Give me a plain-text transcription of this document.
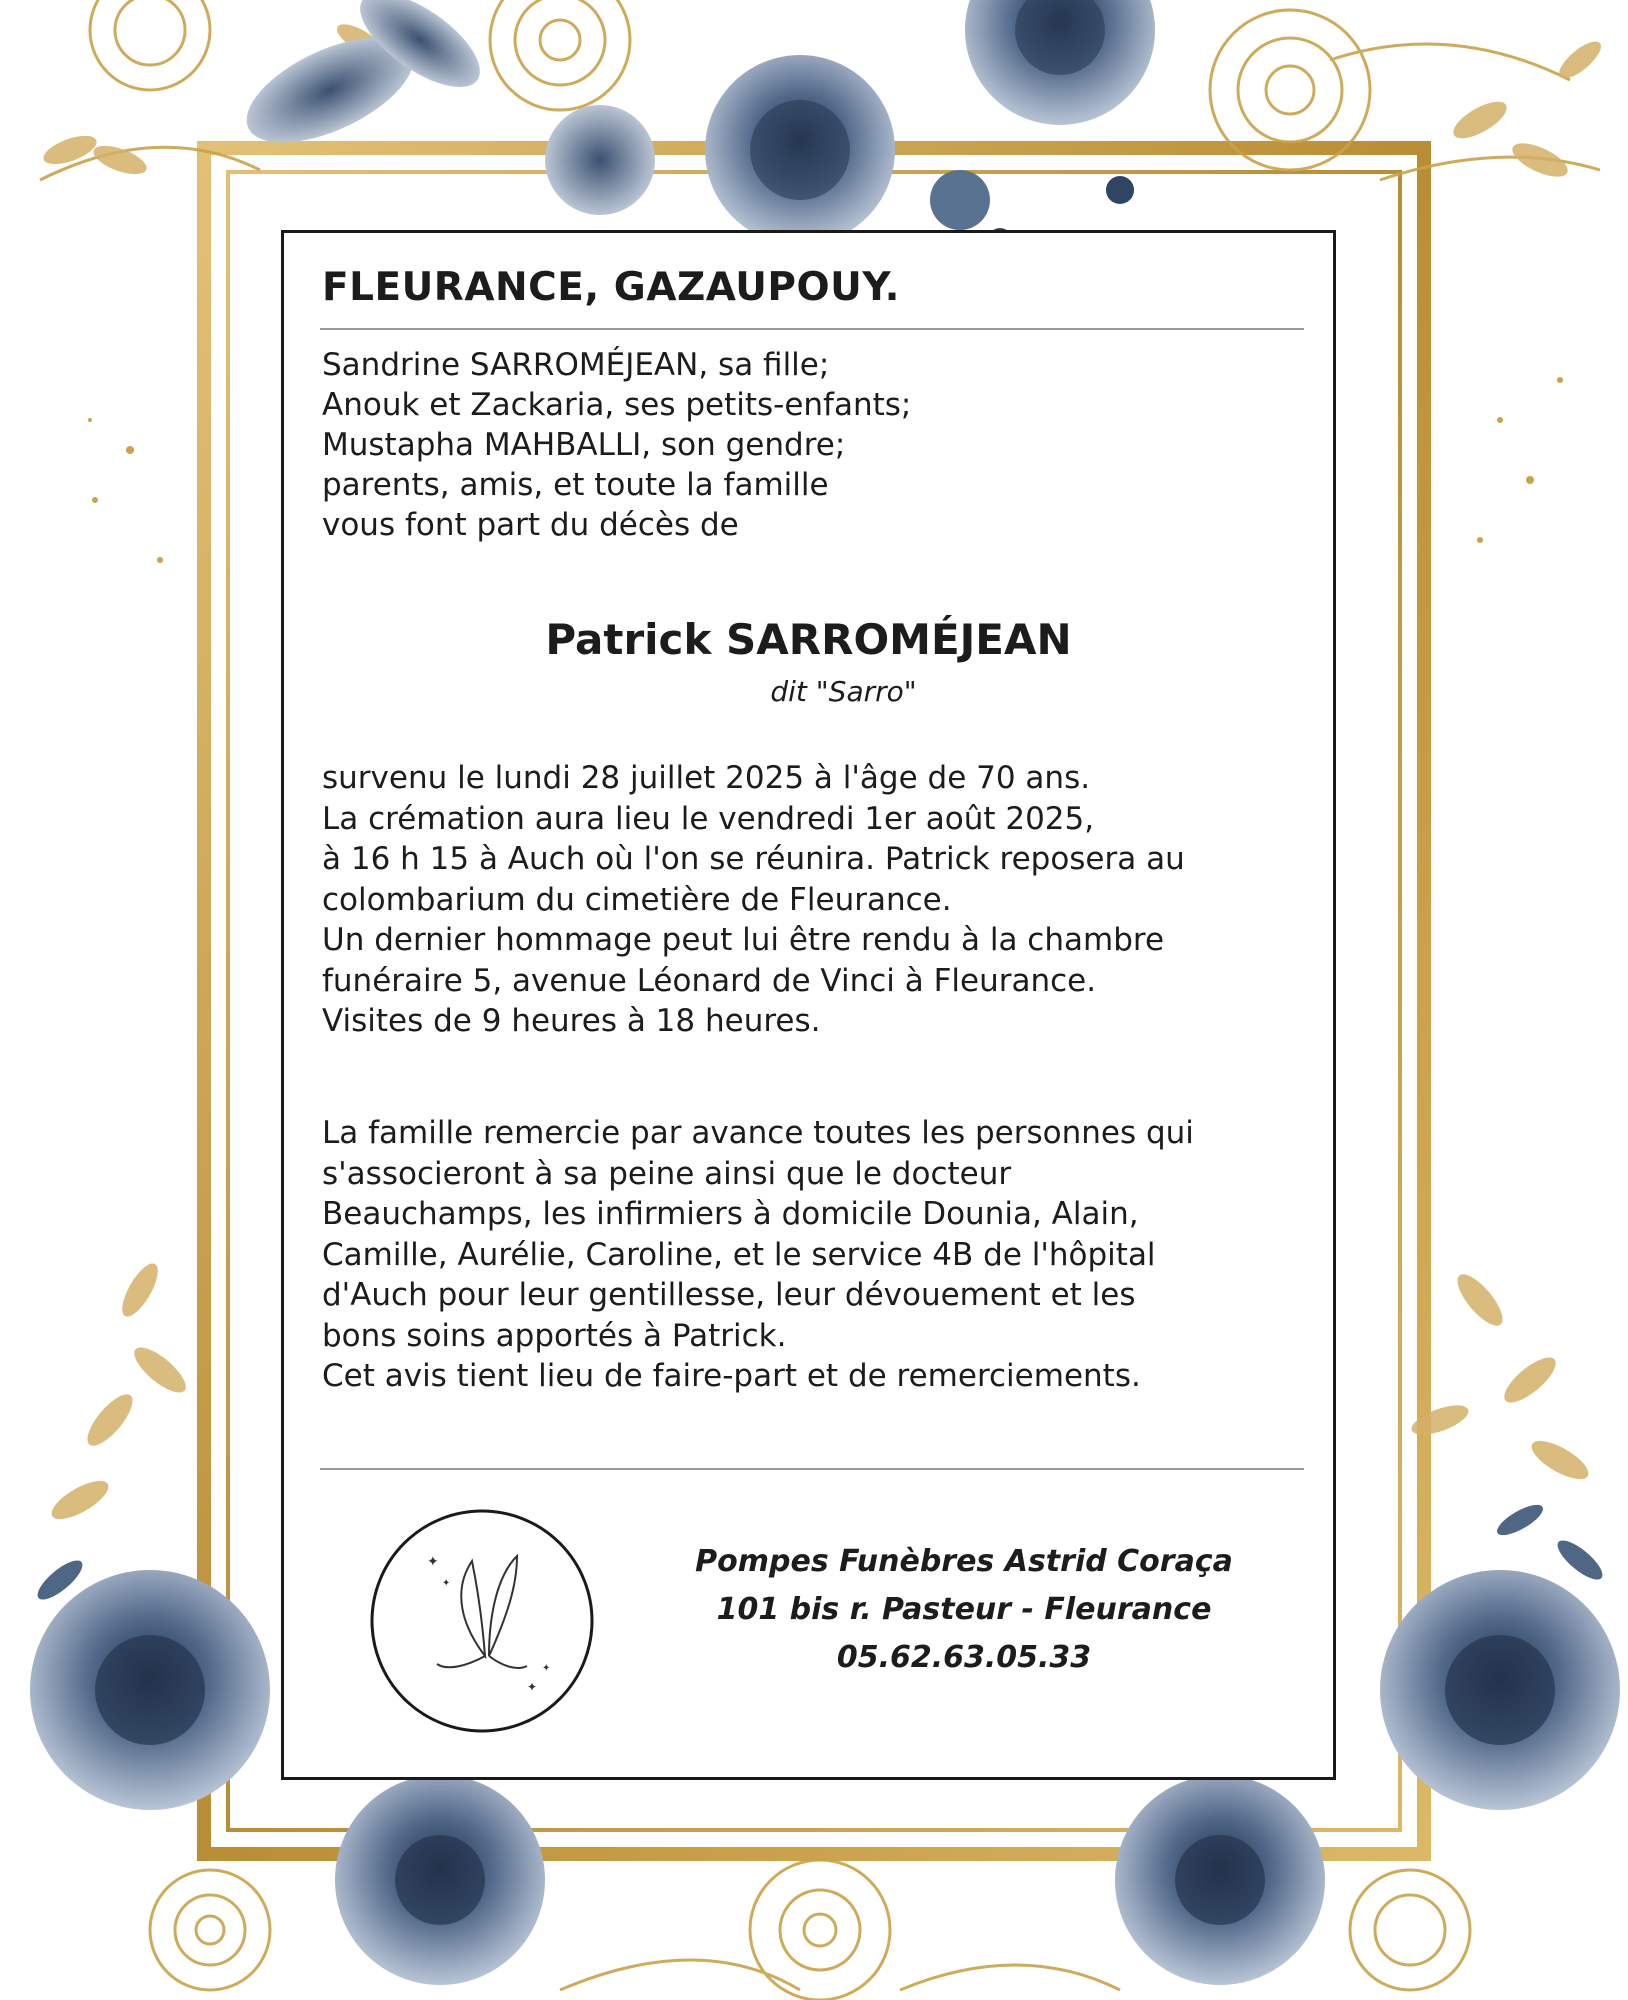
FLEURANCE, GAZAUPOUY.
Sandrine SARROMÉJEAN, sa fille;
Anouk et Zackaria, ses petits-enfants;
Mustapha MAHBALLI, son gendre;
parents, amis, et toute la famille
vous font part du décès de
Patrick SARROMÉJEAN
dit "Sarro"
survenu le lundi 28 juillet 2025 à l'âge de 70 ans.
La crémation aura lieu le vendredi 1er août 2025,
à 16 h 15 à Auch où l'on se réunira. Patrick reposera au
colombarium du cimetière de Fleurance.
Un dernier hommage peut lui être rendu à la chambre
funéraire 5, avenue Léonard de Vinci à Fleurance.
Visites de 9 heures à 18 heures.
La famille remercie par avance toutes les personnes qui
s'associeront à sa peine ainsi que le docteur
Beauchamps, les infirmiers à domicile Dounia, Alain,
Camille, Aurélie, Caroline, et le service 4B de l'hôpital
d'Auch pour leur gentillesse, leur dévouement et les
bons soins apportés à Patrick.
Cet avis tient lieu de faire-part et de remerciements.
✦
✦
✦
✦
Pompes Funèbres Astrid Coraça
101 bis r. Pasteur - Fleurance
05.62.63.05.33
